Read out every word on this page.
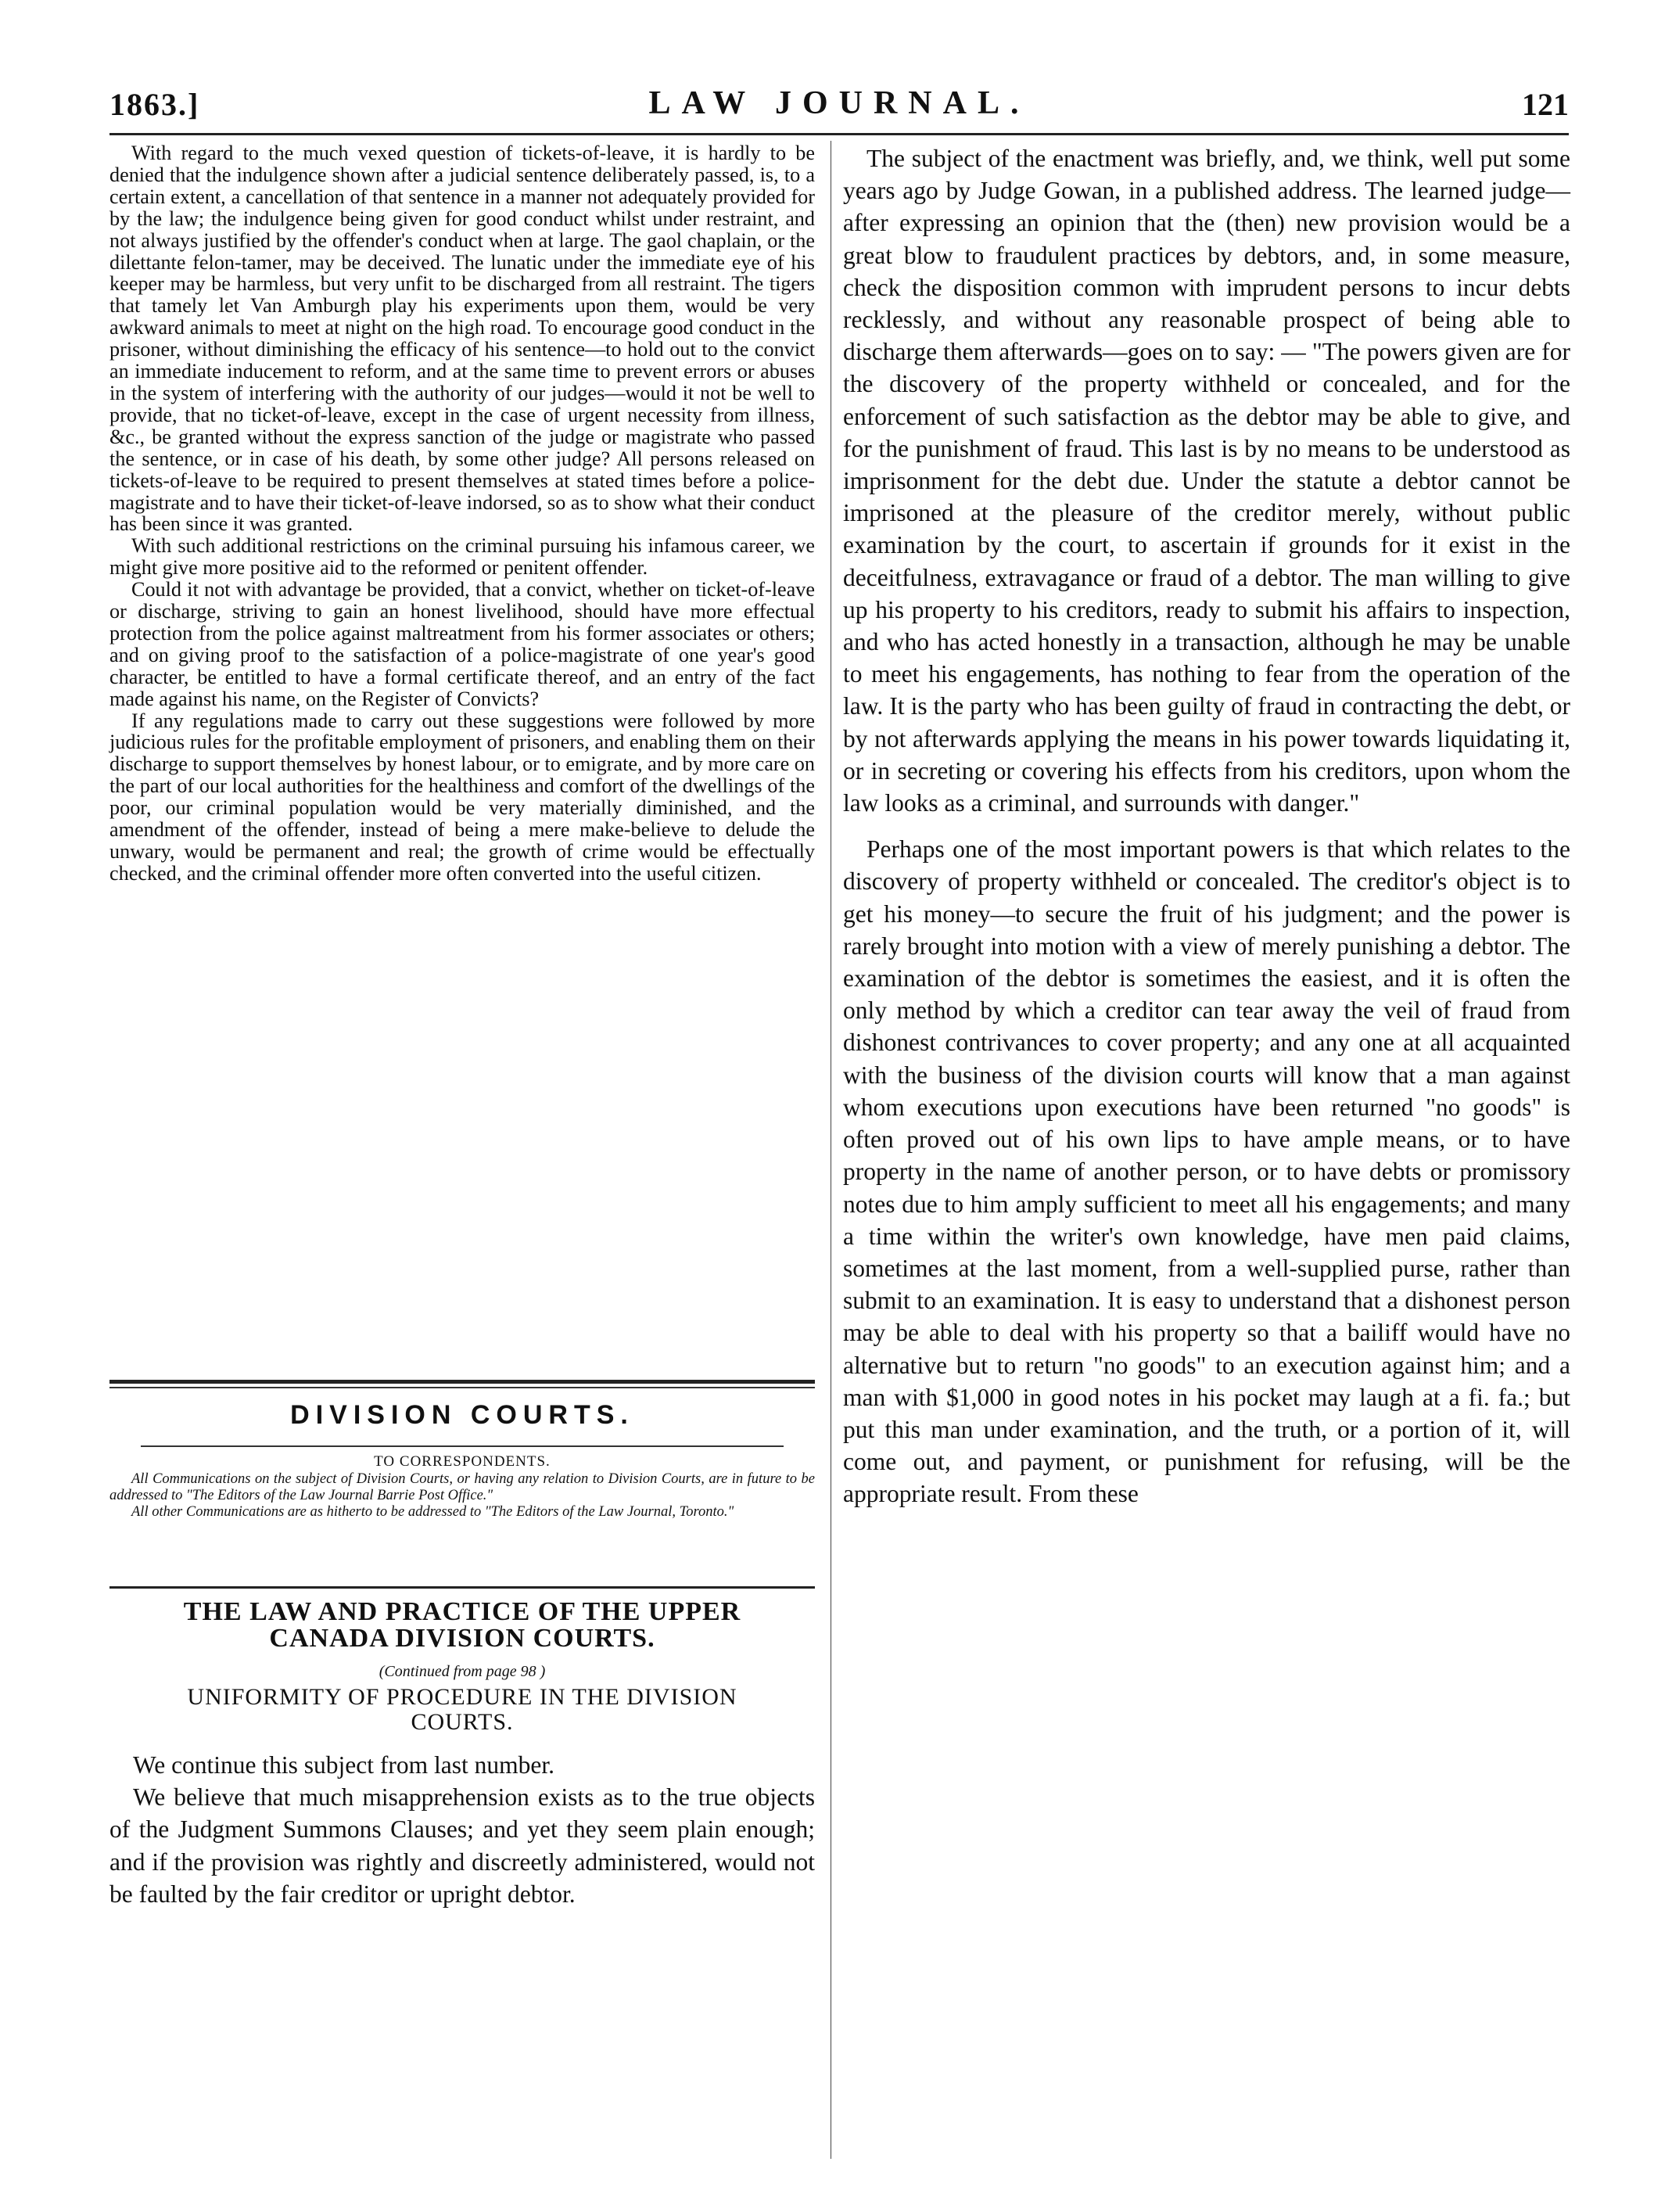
1863.]	LAW JOURNAL.	121

With regard to the much vexed question of tickets-of-leave, it is hardly to be denied that the indulgence shown after a judicial sentence deliberately passed, is, to a certain extent, a cancellation of that sentence in a manner not adequately provided for by the law; the indulgence being given for good conduct whilst under restraint, and not always justified by the offender's conduct when at large. The gaol chaplain, or the dilettante felon-tamer, may be deceived. The lunatic under the immediate eye of his keeper may be harmless, but very unfit to be discharged from all restraint. The tigers that tamely let Van Amburgh play his experiments upon them, would be very awkward animals to meet at night on the high road. To encourage good conduct in the prisoner, without diminishing the efficacy of his sentence—to hold out to the convict an immediate inducement to reform, and at the same time to prevent errors or abuses in the system of interfering with the authority of our judges—would it not be well to provide, that no ticket-of-leave, except in the case of urgent necessity from illness, &c., be granted without the express sanction of the judge or magistrate who passed the sentence, or in case of his death, by some other judge? All persons released on tickets-of-leave to be required to present themselves at stated times before a police-magistrate and to have their ticket-of-leave indorsed, so as to show what their conduct has been since it was granted.

With such additional restrictions on the criminal pursuing his infamous career, we might give more positive aid to the reformed or penitent offender.

Could it not with advantage be provided, that a convict, whether on ticket-of-leave or discharge, striving to gain an honest livelihood, should have more effectual protection from the police against maltreatment from his former associates or others; and on giving proof to the satisfaction of a police-magistrate of one year's good character, be entitled to have a formal certificate thereof, and an entry of the fact made against his name, on the Register of Convicts?

If any regulations made to carry out these suggestions were followed by more judicious rules for the profitable employment of prisoners, and enabling them on their discharge to support themselves by honest labour, or to emigrate, and by more care on the part of our local authorities for the healthiness and comfort of the dwellings of the poor, our criminal population would be very materially diminished, and the amendment of the offender, instead of being a mere make-believe to delude the unwary, would be permanent and real; the growth of crime would be effectually checked, and the criminal offender more often converted into the useful citizen.

DIVISION COURTS.

TO CORRESPONDENTS.

All Communications on the subject of Division Courts, or having any relation to Division Courts, are in future to be addressed to "The Editors of the Law Journal Barrie Post Office."

All other Communications are as hitherto to be addressed to "The Editors of the Law Journal, Toronto."

THE LAW AND PRACTICE OF THE UPPER
CANADA DIVISION COURTS.
(Continued from page 98 )
UNIFORMITY OF PROCEDURE IN THE DIVISION
COURTS.

We continue this subject from last number.

We believe that much misapprehension exists as to the true objects of the Judgment Summons Clauses; and yet they seem plain enough; and if the provision was rightly and discreetly administered, would not be faulted by the fair creditor or upright debtor.

The subject of the enactment was briefly, and, we think, well put some years ago by Judge Gowan, in a published address. The learned judge—after expressing an opinion that the (then) new provision would be a great blow to fraudulent practices by debtors, and, in some measure, check the disposition common with imprudent persons to incur debts recklessly, and without any reasonable prospect of being able to discharge them afterwards—goes on to say: — "The powers given are for the discovery of the property withheld or concealed, and for the enforcement of such satisfaction as the debtor may be able to give, and for the punishment of fraud. This last is by no means to be understood as imprisonment for the debt due. Under the statute a debtor cannot be imprisoned at the pleasure of the creditor merely, without public examination by the court, to ascertain if grounds for it exist in the deceitfulness, extravagance or fraud of a debtor. The man willing to give up his property to his creditors, ready to submit his affairs to inspection, and who has acted honestly in a transaction, although he may be unable to meet his engagements, has nothing to fear from the operation of the law. It is the party who has been guilty of fraud in contracting the debt, or by not afterwards applying the means in his power towards liquidating it, or in secreting or covering his effects from his creditors, upon whom the law looks as a criminal, and surrounds with danger."

Perhaps one of the most important powers is that which relates to the discovery of property withheld or concealed. The creditor's object is to get his money—to secure the fruit of his judgment; and the power is rarely brought into motion with a view of merely punishing a debtor. The examination of the debtor is sometimes the easiest, and it is often the only method by which a creditor can tear away the veil of fraud from dishonest contrivances to cover property; and any one at all acquainted with the business of the division courts will know that a man against whom executions upon executions have been returned "no goods" is often proved out of his own lips to have ample means, or to have property in the name of another person, or to have debts or promissory notes due to him amply sufficient to meet all his engagements; and many a time within the writer's own knowledge, have men paid claims, sometimes at the last moment, from a well-supplied purse, rather than submit to an examination. It is easy to understand that a dishonest person may be able to deal with his property so that a bailiff would have no alternative but to return "no goods" to an execution against him; and a man with $1,000 in good notes in his pocket may laugh at a fi. fa.; but put this man under examination, and the truth, or a portion of it, will come out, and payment, or punishment for refusing, will be the appropriate result. From these
